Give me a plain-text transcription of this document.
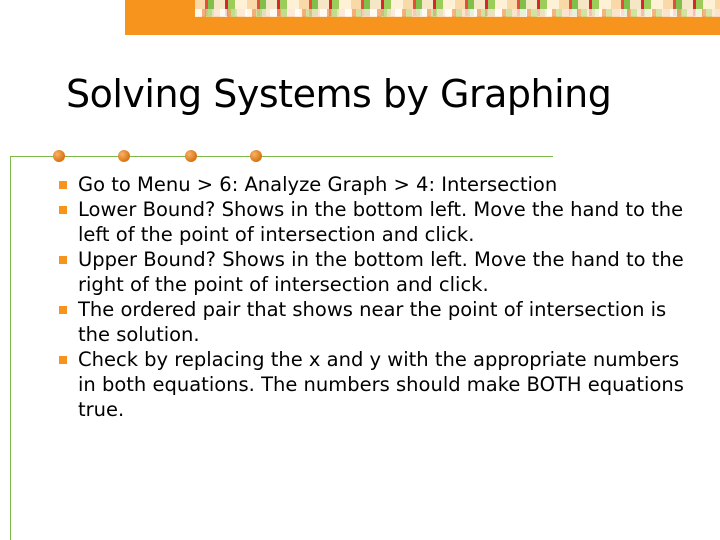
Solving Systems by Graphing
Go to Menu > 6: Analyze Graph > 4: Intersection
Lower Bound? Shows in the bottom left. Move the hand to the left of the point of intersection and click.
Upper Bound? Shows in the bottom left. Move the hand to the right of the point of intersection and click.
The ordered pair that shows near the point of intersection is the solution.
Check by replacing the x and y with the appropriate numbers in both equations. The numbers should make BOTH equations true.
